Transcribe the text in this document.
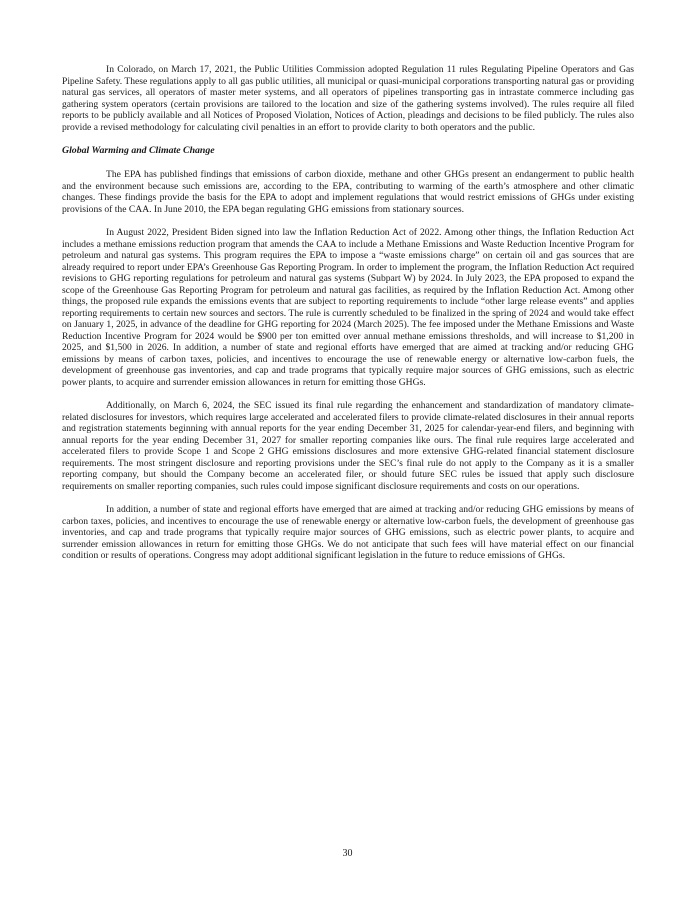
In Colorado, on March 17, 2021, the Public Utilities Commission adopted Regulation 11 rules Regulating Pipeline Operators and Gas Pipeline Safety. These regulations apply to all gas public utilities, all municipal or quasi-municipal corporations transporting natural gas or providing natural gas services, all operators of master meter systems, and all operators of pipelines transporting gas in intrastate commerce including gas gathering system operators (certain provisions are tailored to the location and size of the gathering systems involved). The rules require all filed reports to be publicly available and all Notices of Proposed Violation, Notices of Action, pleadings and decisions to be filed publicly. The rules also provide a revised methodology for calculating civil penalties in an effort to provide clarity to both operators and the public.

Global Warming and Climate Change

The EPA has published findings that emissions of carbon dioxide, methane and other GHGs present an endangerment to public health and the environment because such emissions are, according to the EPA, contributing to warming of the earth’s atmosphere and other climatic changes. These findings provide the basis for the EPA to adopt and implement regulations that would restrict emissions of GHGs under existing provisions of the CAA. In June 2010, the EPA began regulating GHG emissions from stationary sources.

In August 2022, President Biden signed into law the Inflation Reduction Act of 2022. Among other things, the Inflation Reduction Act includes a methane emissions reduction program that amends the CAA to include a Methane Emissions and Waste Reduction Incentive Program for petroleum and natural gas systems. This program requires the EPA to impose a “waste emissions charge” on certain oil and gas sources that are already required to report under EPA’s Greenhouse Gas Reporting Program. In order to implement the program, the Inflation Reduction Act required revisions to GHG reporting regulations for petroleum and natural gas systems (Subpart W) by 2024. In July 2023, the EPA proposed to expand the scope of the Greenhouse Gas Reporting Program for petroleum and natural gas facilities, as required by the Inflation Reduction Act. Among other things, the proposed rule expands the emissions events that are subject to reporting requirements to include “other large release events” and applies reporting requirements to certain new sources and sectors. The rule is currently scheduled to be finalized in the spring of 2024 and would take effect on January 1, 2025, in advance of the deadline for GHG reporting for 2024 (March 2025). The fee imposed under the Methane Emissions and Waste Reduction Incentive Program for 2024 would be $900 per ton emitted over annual methane emissions thresholds, and will increase to $1,200 in 2025, and $1,500 in 2026. In addition, a number of state and regional efforts have emerged that are aimed at tracking and/or reducing GHG emissions by means of carbon taxes, policies, and incentives to encourage the use of renewable energy or alternative low-carbon fuels, the development of greenhouse gas inventories, and cap and trade programs that typically require major sources of GHG emissions, such as electric power plants, to acquire and surrender emission allowances in return for emitting those GHGs.

Additionally, on March 6, 2024, the SEC issued its final rule regarding the enhancement and standardization of mandatory climate-related disclosures for investors, which requires large accelerated and accelerated filers to provide climate-related disclosures in their annual reports and registration statements beginning with annual reports for the year ending December 31, 2025 for calendar-year-end filers, and beginning with annual reports for the year ending December 31, 2027 for smaller reporting companies like ours. The final rule requires large accelerated and accelerated filers to provide Scope 1 and Scope 2 GHG emissions disclosures and more extensive GHG-related financial statement disclosure requirements. The most stringent disclosure and reporting provisions under the SEC’s final rule do not apply to the Company as it is a smaller reporting company, but should the Company become an accelerated filer, or should future SEC rules be issued that apply such disclosure requirements on smaller reporting companies, such rules could impose significant disclosure requirements and costs on our operations.

In addition, a number of state and regional efforts have emerged that are aimed at tracking and/or reducing GHG emissions by means of carbon taxes, policies, and incentives to encourage the use of renewable energy or alternative low-carbon fuels, the development of greenhouse gas inventories, and cap and trade programs that typically require major sources of GHG emissions, such as electric power plants, to acquire and surrender emission allowances in return for emitting those GHGs. We do not anticipate that such fees will have material effect on our financial condition or results of operations. Congress may adopt additional significant legislation in the future to reduce emissions of GHGs.

30
